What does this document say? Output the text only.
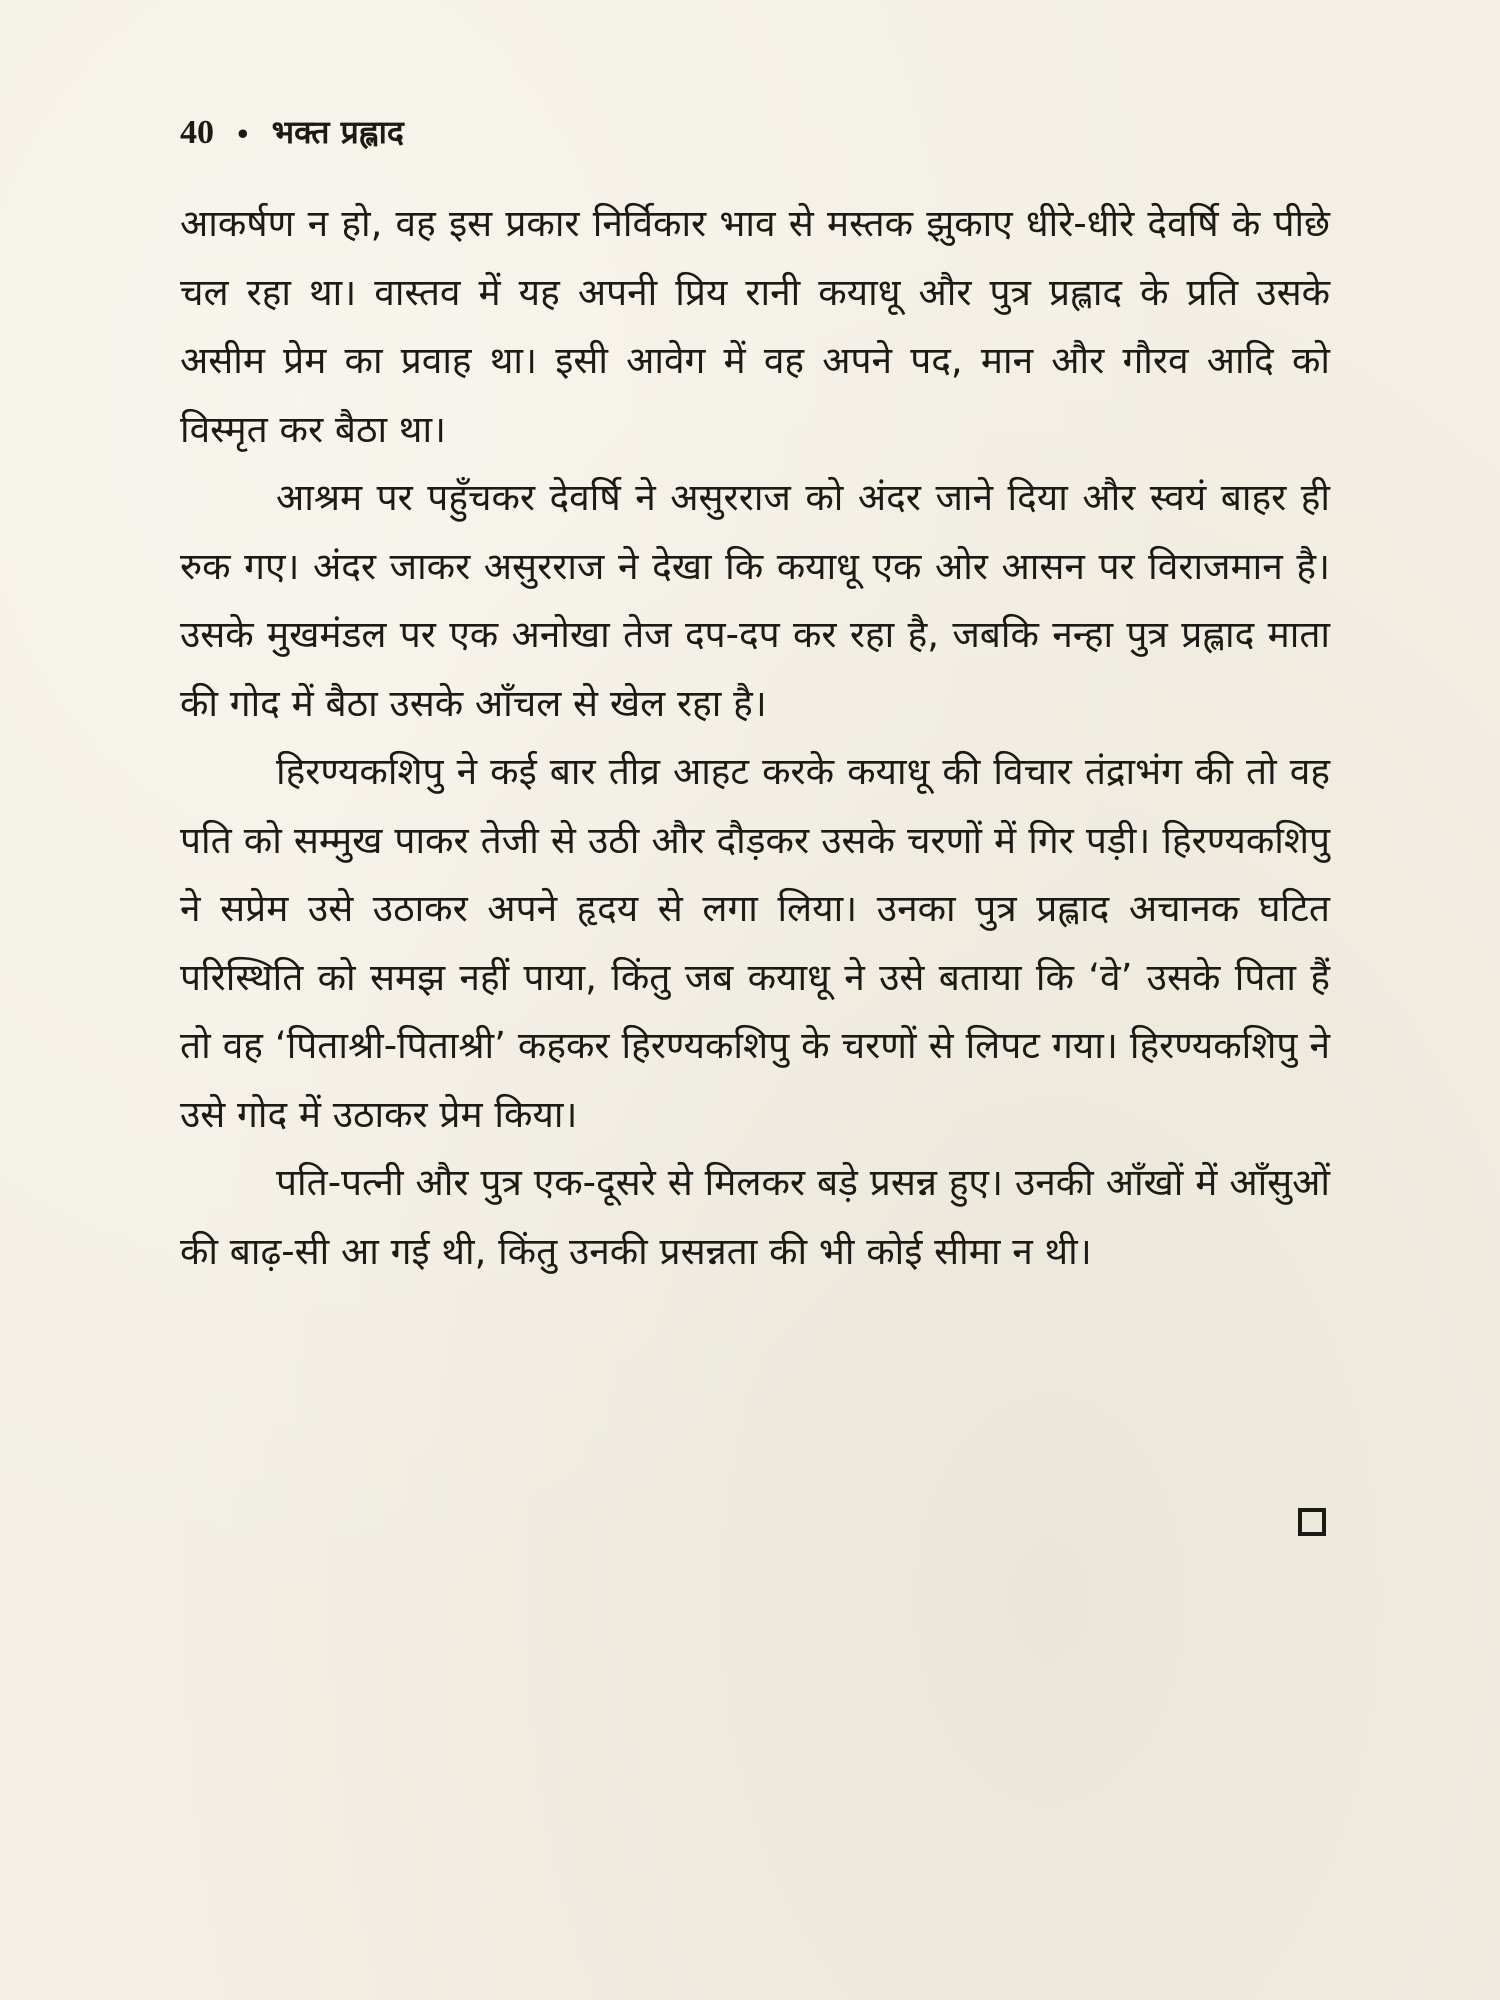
40 • भक्त प्रह्लाद

आकर्षण न हो, वह इस प्रकार निर्विकार भाव से मस्तक झुकाए धीरे-धीरे देवर्षि के पीछे चल रहा था। वास्तव में यह अपनी प्रिय रानी कयाधू और पुत्र प्रह्लाद के प्रति उसके असीम प्रेम का प्रवाह था। इसी आवेग में वह अपने पद, मान और गौरव आदि को विस्मृत कर बैठा था।

आश्रम पर पहुँचकर देवर्षि ने असुरराज को अंदर जाने दिया और स्वयं बाहर ही रुक गए। अंदर जाकर असुरराज ने देखा कि कयाधू एक ओर आसन पर विराजमान है। उसके मुखमंडल पर एक अनोखा तेज दप-दप कर रहा है, जबकि नन्हा पुत्र प्रह्लाद माता की गोद में बैठा उसके आँचल से खेल रहा है।

हिरण्यकशिपु ने कई बार तीव्र आहट करके कयाधू की विचार तंद्राभंग की तो वह पति को सम्मुख पाकर तेजी से उठी और दौड़कर उसके चरणों में गिर पड़ी। हिरण्यकशिपु ने सप्रेम उसे उठाकर अपने हृदय से लगा लिया। उनका पुत्र प्रह्लाद अचानक घटित परिस्थिति को समझ नहीं पाया, किंतु जब कयाधू ने उसे बताया कि ‘वे’ उसके पिता हैं तो वह ‘पिताश्री-पिताश्री’ कहकर हिरण्यकशिपु के चरणों से लिपट गया। हिरण्यकशिपु ने उसे गोद में उठाकर प्रेम किया।

पति-पत्नी और पुत्र एक-दूसरे से मिलकर बड़े प्रसन्न हुए। उनकी आँखों में आँसुओं की बाढ़-सी आ गई थी, किंतु उनकी प्रसन्नता की भी कोई सीमा न थी।
